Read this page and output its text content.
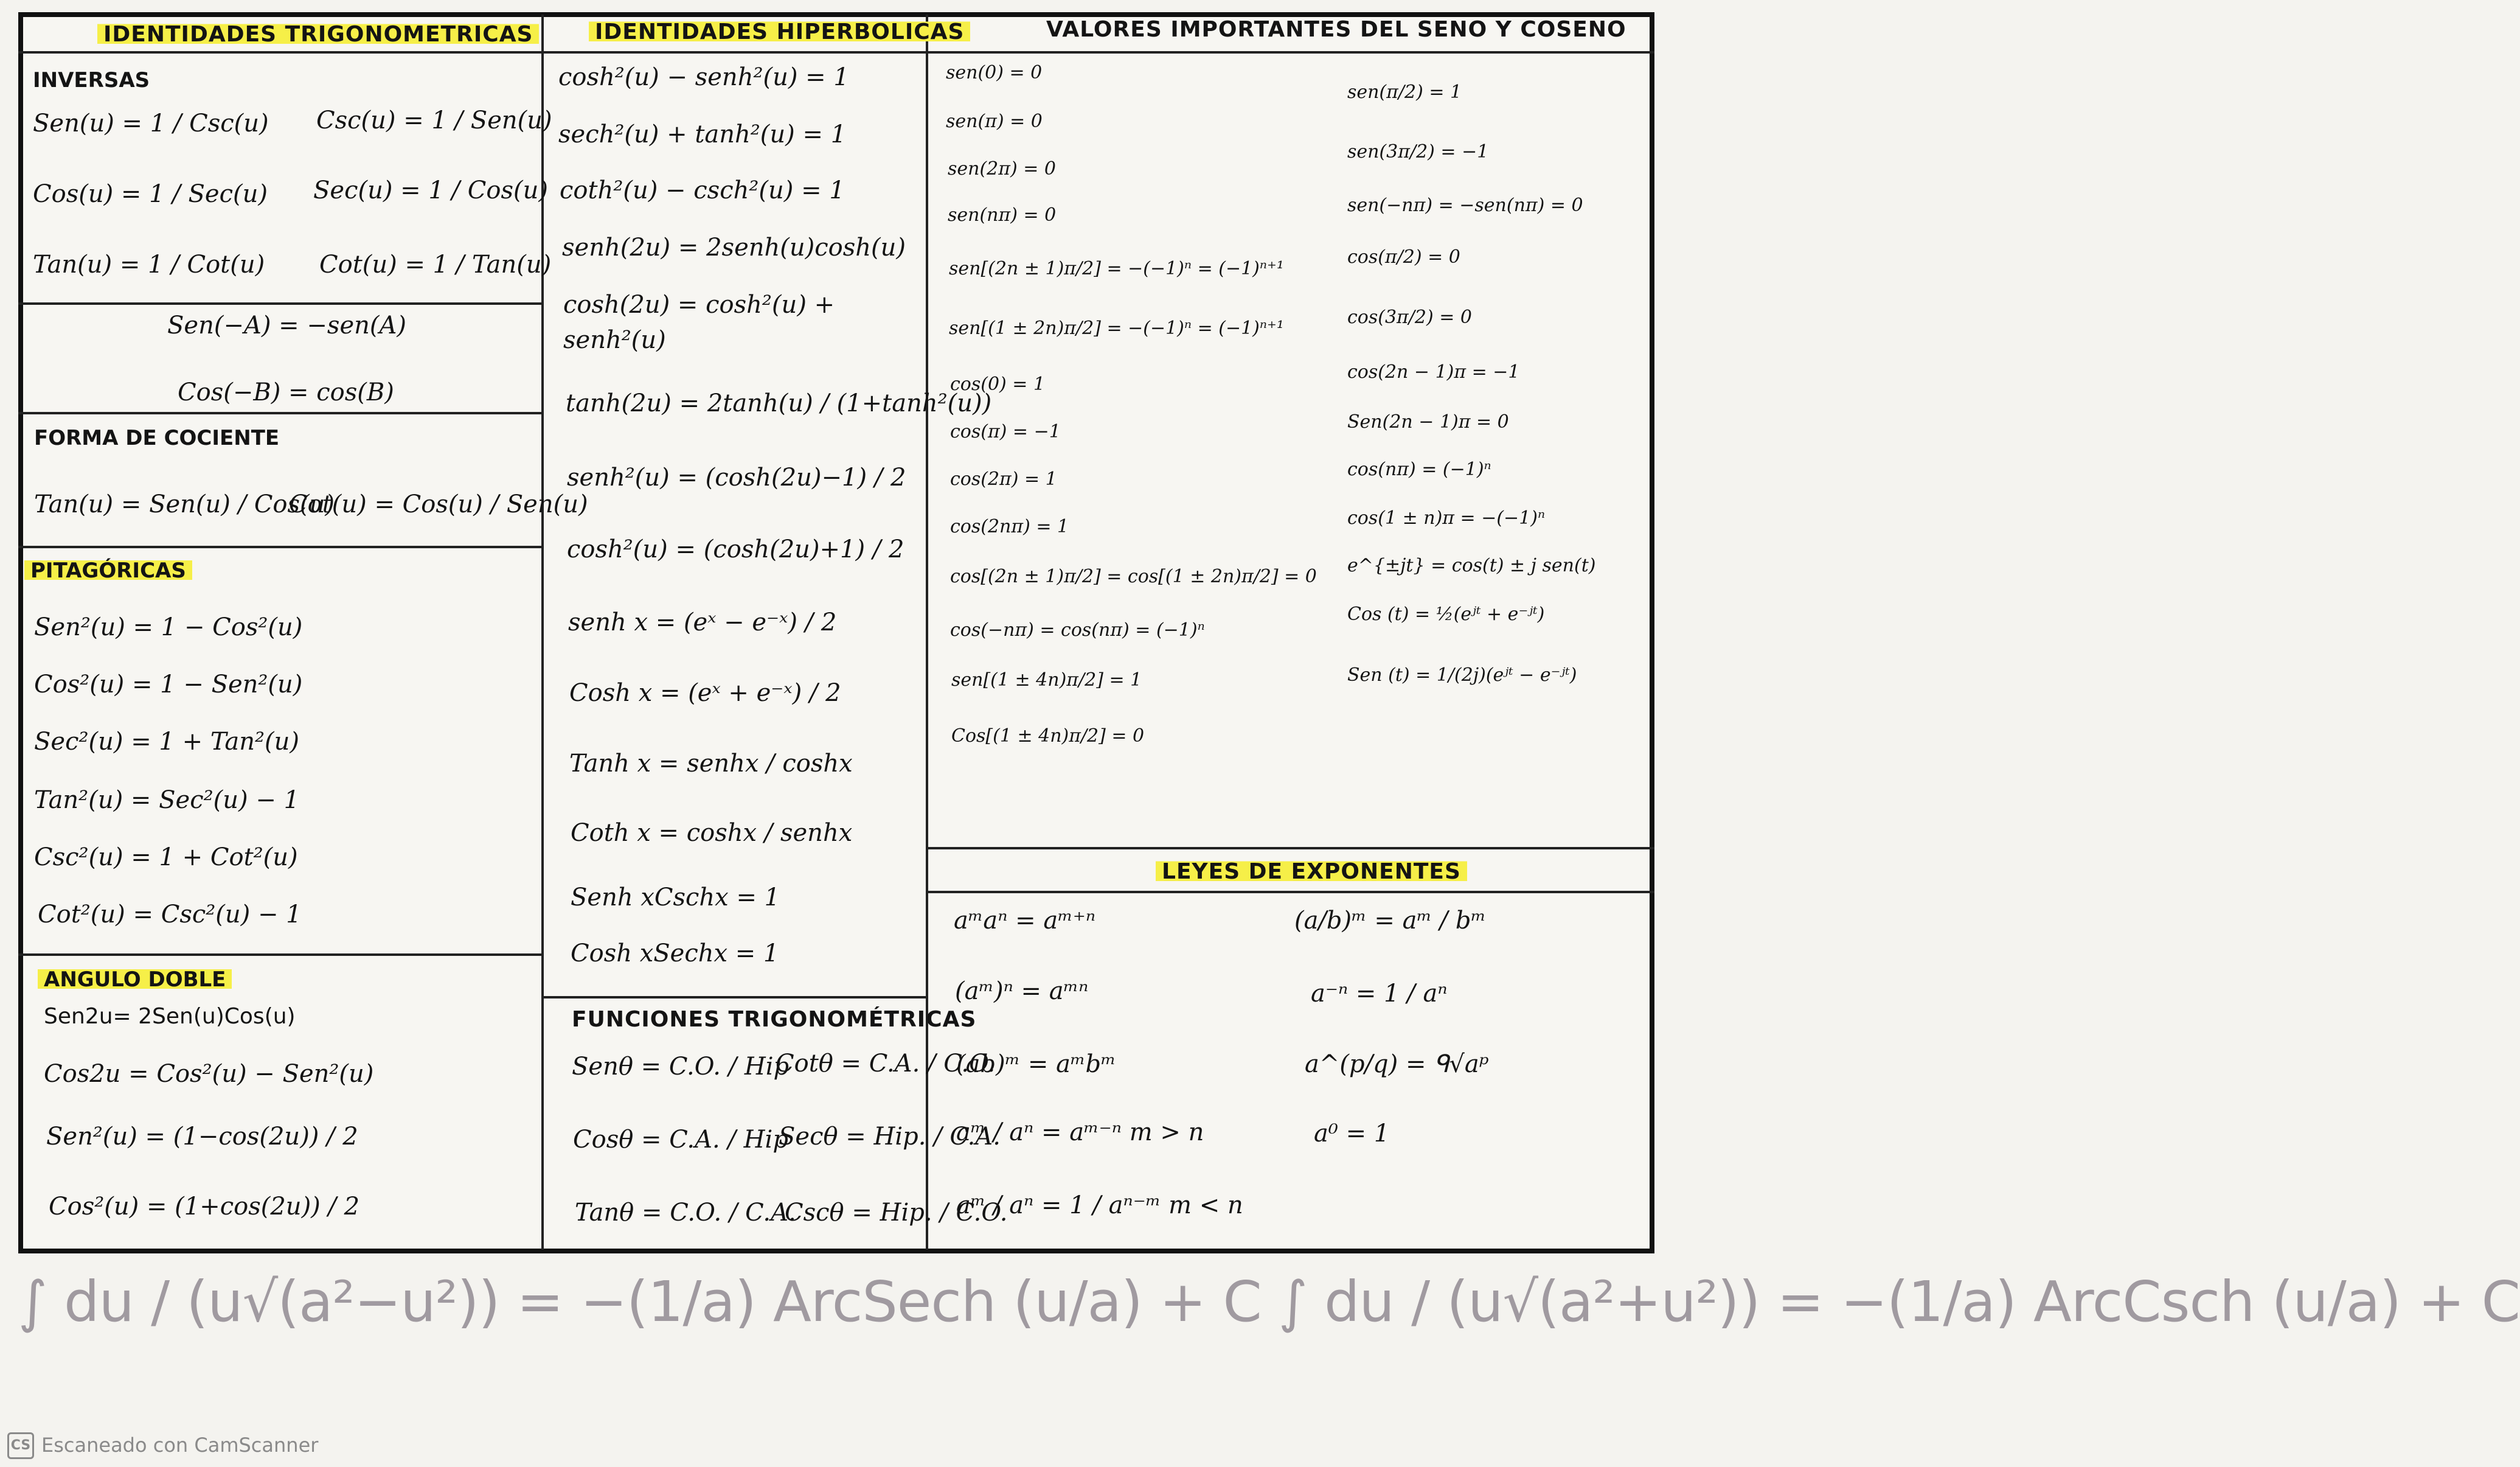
IDENTIDADES TRIGONOMETRICAS	IDENTIDADES HIPERBOLICAS	VALORES IMPORTANTES DEL SENO Y COSENO
LEYES DE EXPONENTES
FUNCIONES TRIGONOMÉTRICAS
INVERSAS
Sen(u) = 1 / Csc(u) Csc(u) = 1 / Sen(u)
Cos(u) = 1 / Sec(u) Sec(u) = 1 / Cos(u)
Tan(u) = 1 / Cot(u) Cot(u) = 1 / Tan(u)
Sen(−A) = −sen(A)
Cos(−B) = cos(B)
FORMA DE COCIENTE
Tan(u) = Sen(u) / Cos(u)
Cot(u) = Cos(u) / Sen(u)
PITAGÓRICAS
Sen²(u) = 1 − Cos²(u)
Cos²(u) = 1 − Sen²(u)
Sec²(u) = 1 + Tan²(u)
Tan²(u) = Sec²(u) − 1
Csc²(u) = 1 + Cot²(u)
Cot²(u) = Csc²(u) − 1
ANGULO DOBLE
Sen2u= 2Sen(u)Cos(u)
Cos2u = Cos²(u) − Sen²(u)
Sen²(u) = (1−cos(2u)) / 2
Cos²(u) = (1+cos(2u)) / 2
cosh²(u) − senh²(u) = 1
sech²(u) + tanh²(u) = 1
coth²(u) − csch²(u) = 1
senh(2u) = 2senh(u)cosh(u)
cosh(2u) = cosh²(u) +
senh²(u)
tanh(2u) = 2tanh(u) / (1+tanh²(u))
senh²(u) = (cosh(2u)−1) / 2
cosh²(u) = (cosh(2u)+1) / 2
senh x = (eˣ − e⁻ˣ) / 2
Cosh x = (eˣ + e⁻ˣ) / 2
Tanh x = senhx / coshx
Coth x = coshx / senhx
Senh xCschx = 1
Cosh xSechx = 1
Senθ = C.O. / Hip
Cotθ = C.A. / C.O.
Cosθ = C.A. / Hip
Secθ = Hip. / C.A.
Tanθ = C.O. / C.A.
Cscθ = Hip. / C.O.
sen(0) = 0
sen(π) = 0
sen(2π) = 0
sen(nπ) = 0
sen[(2n ± 1)π/2] = −(−1)ⁿ = (−1)ⁿ⁺¹
sen[(1 ± 2n)π/2] = −(−1)ⁿ = (−1)ⁿ⁺¹
cos(0) = 1
cos(π) = −1
cos(2π) = 1
cos(2nπ) = 1
cos[(2n ± 1)π/2] = cos[(1 ± 2n)π/2] = 0
cos(−nπ) = cos(nπ) = (−1)ⁿ
sen[(1 ± 4n)π/2] = 1
Cos[(1 ± 4n)π/2] = 0
sen(π/2) = 1
sen(3π/2) = −1
sen(−nπ) = −sen(nπ) = 0
cos(π/2) = 0
cos(3π/2) = 0
cos(2n − 1)π = −1
Sen(2n − 1)π = 0
cos(nπ) = (−1)ⁿ
cos(1 ± n)π = −(−1)ⁿ
e^{±jt} = cos(t) ± j sen(t)
Cos (t) = ½(eʲᵗ + e⁻ʲᵗ)
Sen (t) = 1/(2j)(eʲᵗ − e⁻ʲᵗ)
aᵐaⁿ = aᵐ⁺ⁿ
(aᵐ)ⁿ = aᵐⁿ
(ab)ᵐ = aᵐbᵐ
aᵐ / aⁿ = aᵐ⁻ⁿ m > n
aᵐ / aⁿ = 1 / aⁿ⁻ᵐ m < n
(a/b)ᵐ = aᵐ / bᵐ
a⁻ⁿ = 1 / aⁿ
a^(p/q) = ᑫ√aᵖ
a⁰ = 1
∫ du / (u√(a²−u²)) = −(1/a) ArcSech (u/a) + C ∫ du / (u√(a²+u²)) = −(1/a) ArcCsch (u/a) + C
CS Escaneado con CamScanner
